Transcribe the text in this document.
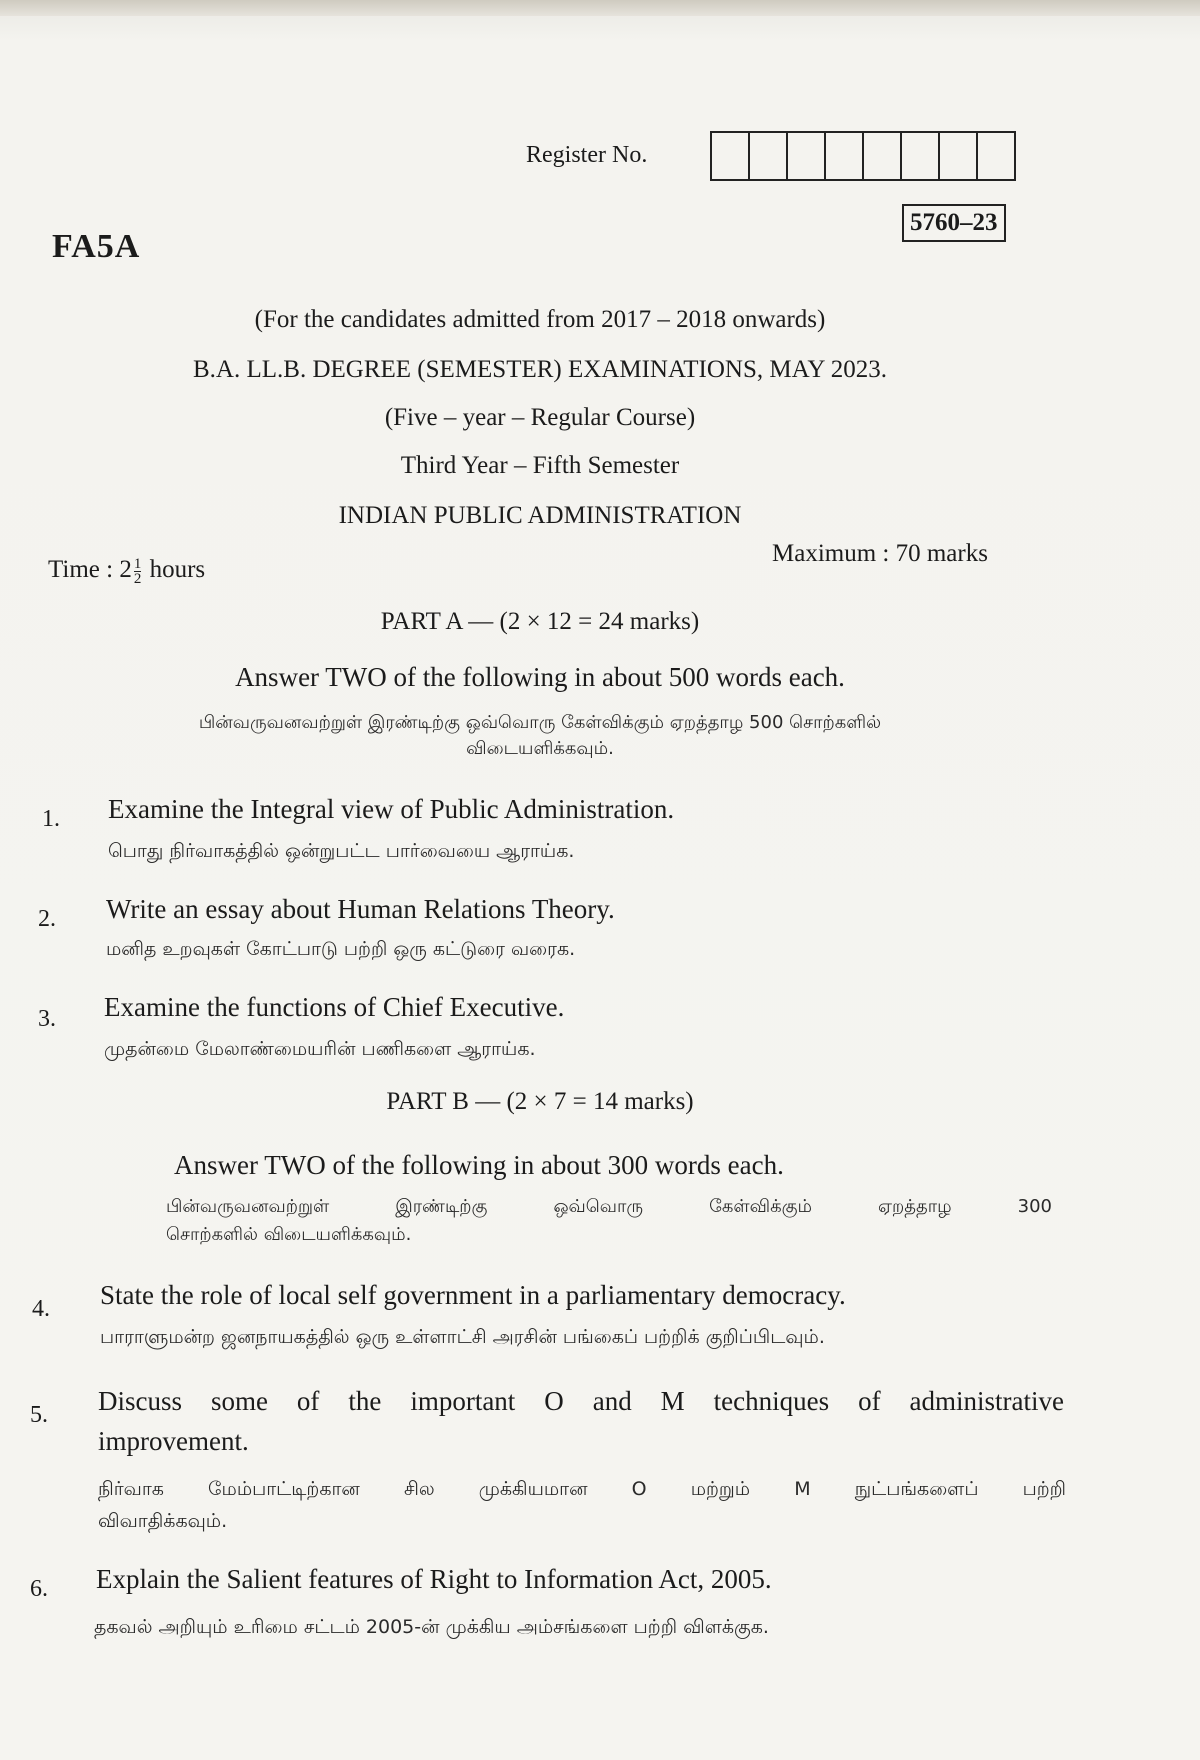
Register No.
FA5A
5760–23
(For the candidates admitted from 2017 – 2018 onwards)
B.A. LL.B. DEGREE (SEMESTER) EXAMINATIONS, MAY 2023.
(Five – year – Regular Course)
Third Year – Fifth Semester
INDIAN PUBLIC ADMINISTRATION
Time : $2 \frac{1}{2}$ hours
Maximum : 70 marks
PART A — (2 × 12 = 24 marks)
Answer TWO of the following in about 500 words each.
பின்வருவனவற்றுள் இரண்டிற்கு ஒவ்வொரு கேள்விக்கும் ஏறத்தாழ 500 சொற்களில்
விடையளிக்கவும்.
1. Examine the Integral view of Public Administration.
பொது நிர்வாகத்தில் ஒன்றுபட்ட பார்வையை ஆராய்க.
2. Write an essay about Human Relations Theory.
மனித உறவுகள் கோட்பாடு பற்றி ஒரு கட்டுரை வரைக.
3. Examine the functions of Chief Executive.
முதன்மை மேலாண்மையரின் பணிகளை ஆராய்க.
PART B — (2 × 7 = 14 marks)
Answer TWO of the following in about 300 words each.
பின்வருவனவற்றுள் இரண்டிற்கு ஒவ்வொரு கேள்விக்கும் ஏறத்தாழ 300
சொற்களில் விடையளிக்கவும்.
4. State the role of local self government in a parliamentary democracy.
பாராளுமன்ற ஜனநாயகத்தில் ஒரு உள்ளாட்சி அரசின் பங்கைப் பற்றிக் குறிப்பிடவும்.
5. Discuss some of the important O and M techniques of administrative
improvement.
நிர்வாக மேம்பாட்டிற்கான சில முக்கியமான O மற்றும் M நுட்பங்களைப் பற்றி
விவாதிக்கவும்.
6. Explain the Salient features of Right to Information Act, 2005.
தகவல் அறியும் உரிமை சட்டம் 2005-ன் முக்கிய அம்சங்களை பற்றி விளக்குக.
